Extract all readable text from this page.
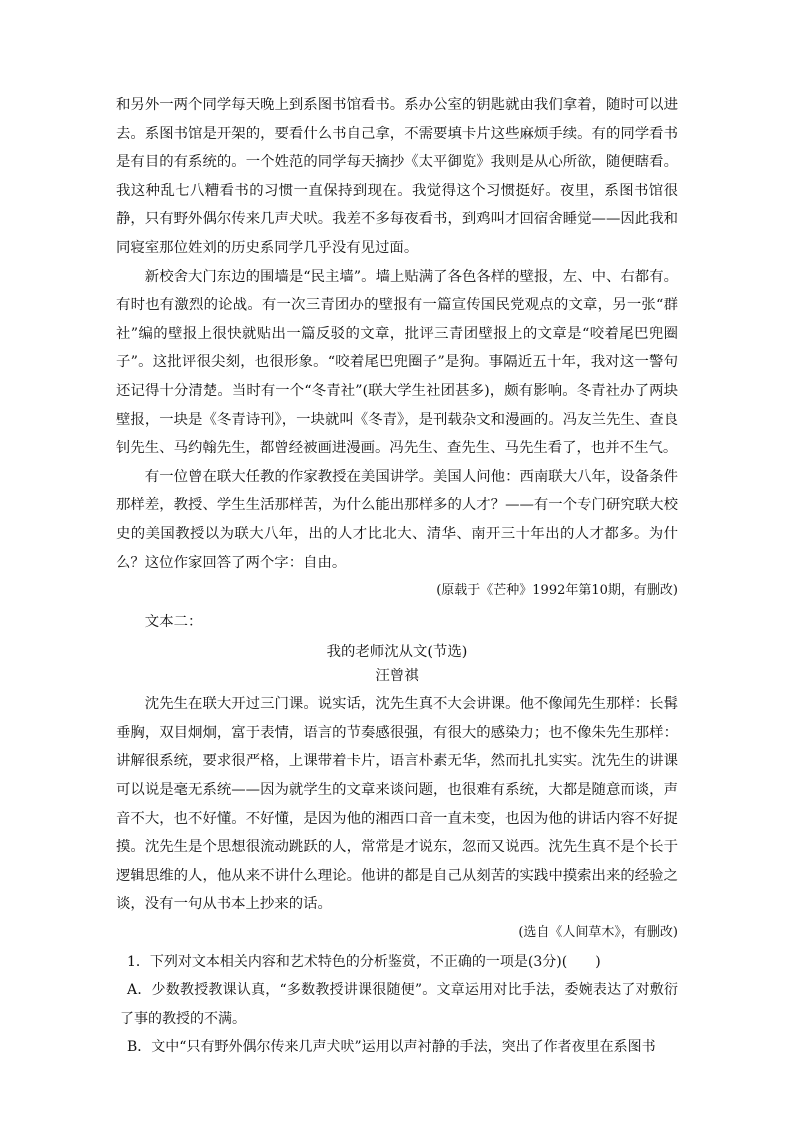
和另外一两个同学每天晚上到系图书馆看书。系办公室的钥匙就由我们拿着，随时可以进去。系图书馆是开架的，要看什么书自己拿，不需要填卡片这些麻烦手续。有的同学看书是有目的有系统的。一个姓范的同学每天摘抄《太平御览》我则是从心所欲，随便瞎看。我这种乱七八糟看书的习惯一直保持到现在。我觉得这个习惯挺好。夜里，系图书馆很静，只有野外偶尔传来几声犬吠。我差不多每夜看书，到鸡叫才回宿舍睡觉——因此我和同寝室那位姓刘的历史系同学几乎没有见过面。

新校舍大门东边的围墙是“民主墙”。墙上贴满了各色各样的壁报，左、中、右都有。有时也有激烈的论战。有一次三青团办的壁报有一篇宣传国民党观点的文章，另一张“群社”编的壁报上很快就贴出一篇反驳的文章，批评三青团壁报上的文章是“咬着尾巴兜圈子”。这批评很尖刻，也很形象。“咬着尾巴兜圈子”是狗。事隔近五十年，我对这一警句还记得十分清楚。当时有一个“冬青社”(联大学生社团甚多)，颇有影响。冬青社办了两块壁报，一块是《冬青诗刊》，一块就叫《冬青》，是刊载杂文和漫画的。冯友兰先生、查良钊先生、马约翰先生，都曾经被画进漫画。冯先生、查先生、马先生看了，也并不生气。

有一位曾在联大任教的作家教授在美国讲学。美国人问他：西南联大八年，设备条件那样差，教授、学生生活那样苦，为什么能出那样多的人才？——有一个专门研究联大校史的美国教授以为联大八年，出的人才比北大、清华、南开三十年出的人才都多。为什么？这位作家回答了两个字：自由。

(原载于《芒种》1992年第10期，有删改)

文本二：

我的老师沈从文(节选)

汪曾祺

沈先生在联大开过三门课。说实话，沈先生真不大会讲课。他不像闻先生那样：长髯垂胸，双目炯炯，富于表情，语言的节奏感很强，有很大的感染力；也不像朱先生那样：讲解很系统，要求很严格，上课带着卡片，语言朴素无华，然而扎扎实实。沈先生的讲课可以说是毫无系统——因为就学生的文章来谈问题，也很难有系统，大都是随意而谈，声音不大，也不好懂。不好懂，是因为他的湘西口音一直未变，也因为他的讲话内容不好捉摸。沈先生是个思想很流动跳跃的人，常常是才说东，忽而又说西。沈先生真不是个长于逻辑思维的人，他从来不讲什么理论。他讲的都是自己从刻苦的实践中摸索出来的经验之谈，没有一句从书本上抄来的话。

(选自《人间草木》，有删改)

1．下列对文本相关内容和艺术特色的分析鉴赏，不正确的一项是(3分)(　　)

A．少数教授教课认真，“多数教授讲课很随便”。文章运用对比手法，委婉表达了对敷衍了事的教授的不满。

B．文中“只有野外偶尔传来几声犬吠”运用以声衬静的手法，突出了作者夜里在系图书
